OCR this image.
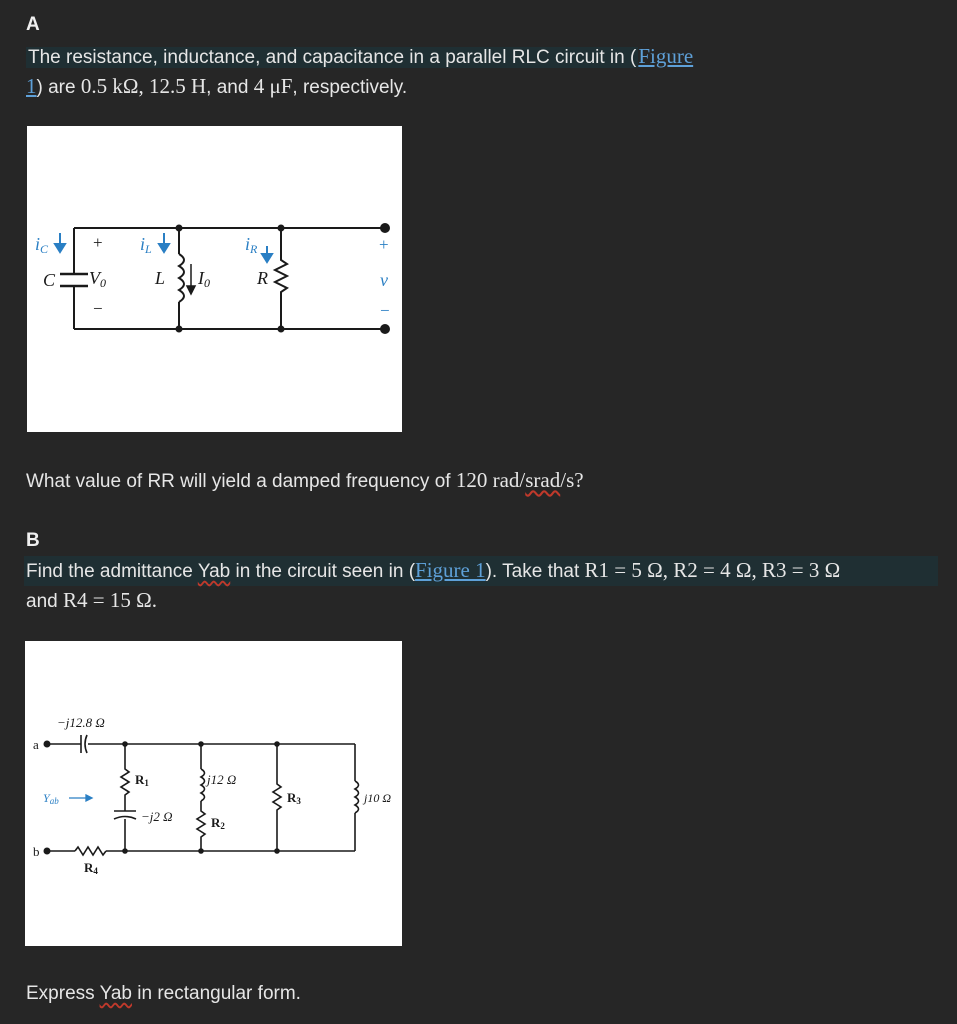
A
The resistance, inductance, and capacitance in a parallel RLC circuit in (Figure
1) are 0.5 kΩ, 12.5 H, and 4 μF, respectively.
iC
C
+
V0
−
iL
L I0
iR
R
+
v
−
What value of RR will yield a damped frequency of 120 rad/srad/s?
B
Find the admittance Yab in the circuit seen in (Figure 1). Take that R1 = 5 Ω, R2 = 4 Ω, R3 = 3 Ω
and R4 = 15 Ω.
−j12.8 Ω
a
b
Yab
R1
−j2 Ω
j12 Ω
R2
R3	j10 Ω
R4
Express Yab in rectangular form.
